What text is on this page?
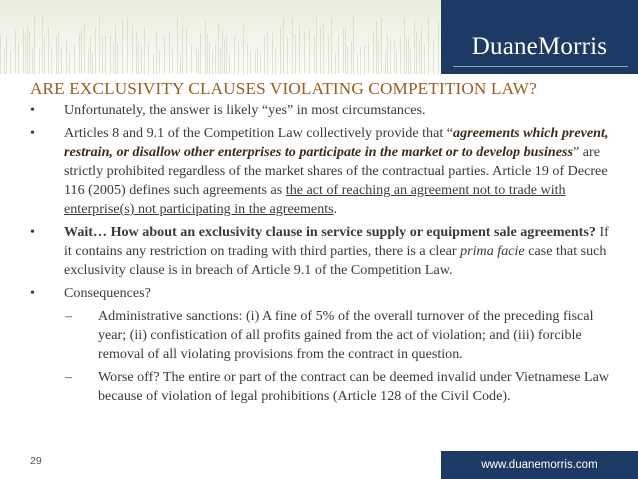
DuaneMorris
ARE EXCLUSIVITY CLAUSES VIOLATING COMPETITION LAW?
• Unfortunately, the answer is likely “yes” in most circumstances.
• Articles 8 and 9.1 of the Competition Law collectively provide that “agreements which prevent, restrain, or disallow other enterprises to participate in the market or to develop business” are strictly prohibited regardless of the market shares of the contractual parties. Article 19 of Decree 116 (2005) defines such agreements as the act of reaching an agreement not to trade with enterprise(s) not participating in the agreements.
• Wait… How about an exclusivity clause in service supply or equipment sale agreements? If it contains any restriction on trading with third parties, there is a clear prima facie case that such exclusivity clause is in breach of Article 9.1 of the Competition Law.
• Consequences?
– Administrative sanctions: (i) A fine of 5% of the overall turnover of the preceding fiscal year; (ii) confistication of all profits gained from the act of violation; and (iii) forcible removal of all violating provisions from the contract in question.
– Worse off? The entire or part of the contract can be deemed invalid under Vietnamese Law because of violation of legal prohibitions (Article 128 of the Civil Code).
29	www.duanemorris.com
